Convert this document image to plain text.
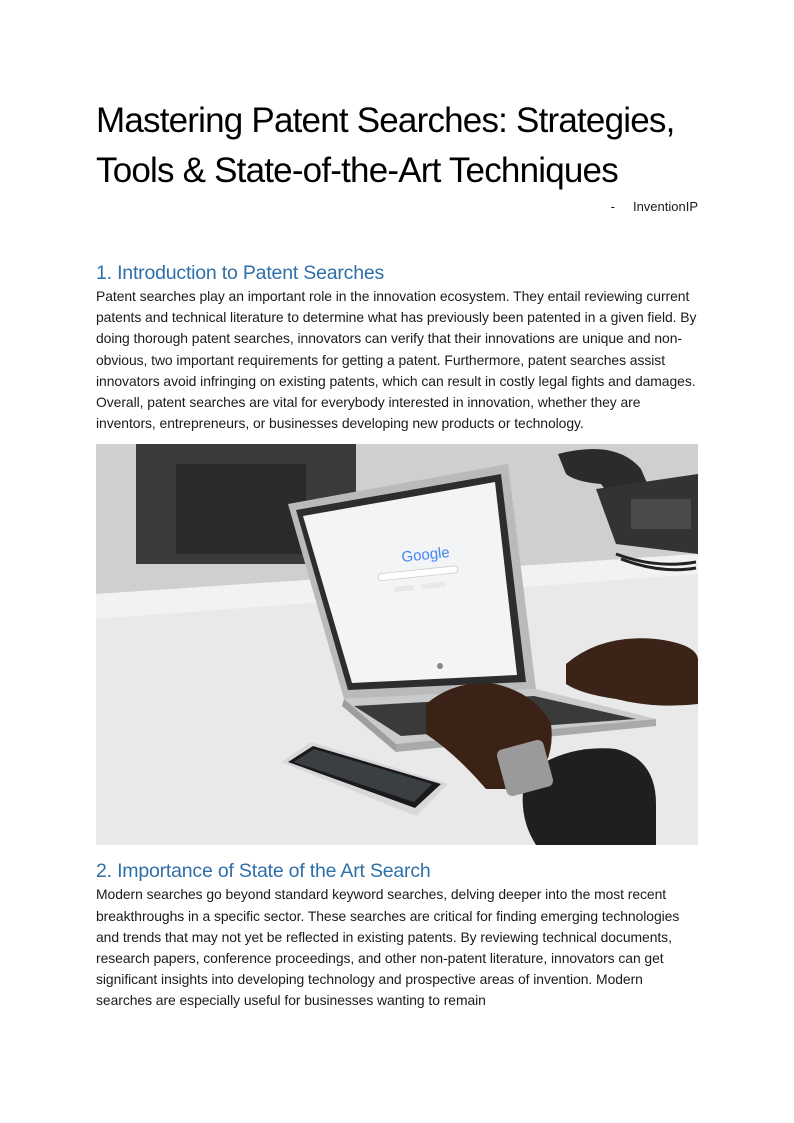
Mastering Patent Searches: Strategies,
Tools & State-of-the-Art Techniques
- InventionIP
1. Introduction to Patent Searches

Patent searches play an important role in the innovation ecosystem. They entail reviewing current patents and technical literature to determine what has previously been patented in a given field. By doing thorough patent searches, innovators can verify that their innovations are unique and non-obvious, two important requirements for getting a patent. Furthermore, patent searches assist innovators avoid infringing on existing patents, which can result in costly legal fights and damages. Overall, patent searches are vital for everybody interested in innovation, whether they are inventors, entrepreneurs, or businesses developing new products or technology.

Google
2. Importance of State of the Art Search

Modern searches go beyond standard keyword searches, delving deeper into the most recent breakthroughs in a specific sector. These searches are critical for finding emerging technologies and trends that may not yet be reflected in existing patents. By reviewing technical documents, research papers, conference proceedings, and other non-patent literature, innovators can get significant insights into developing technology and prospective areas of invention. Modern searches are especially useful for businesses wanting to remain
